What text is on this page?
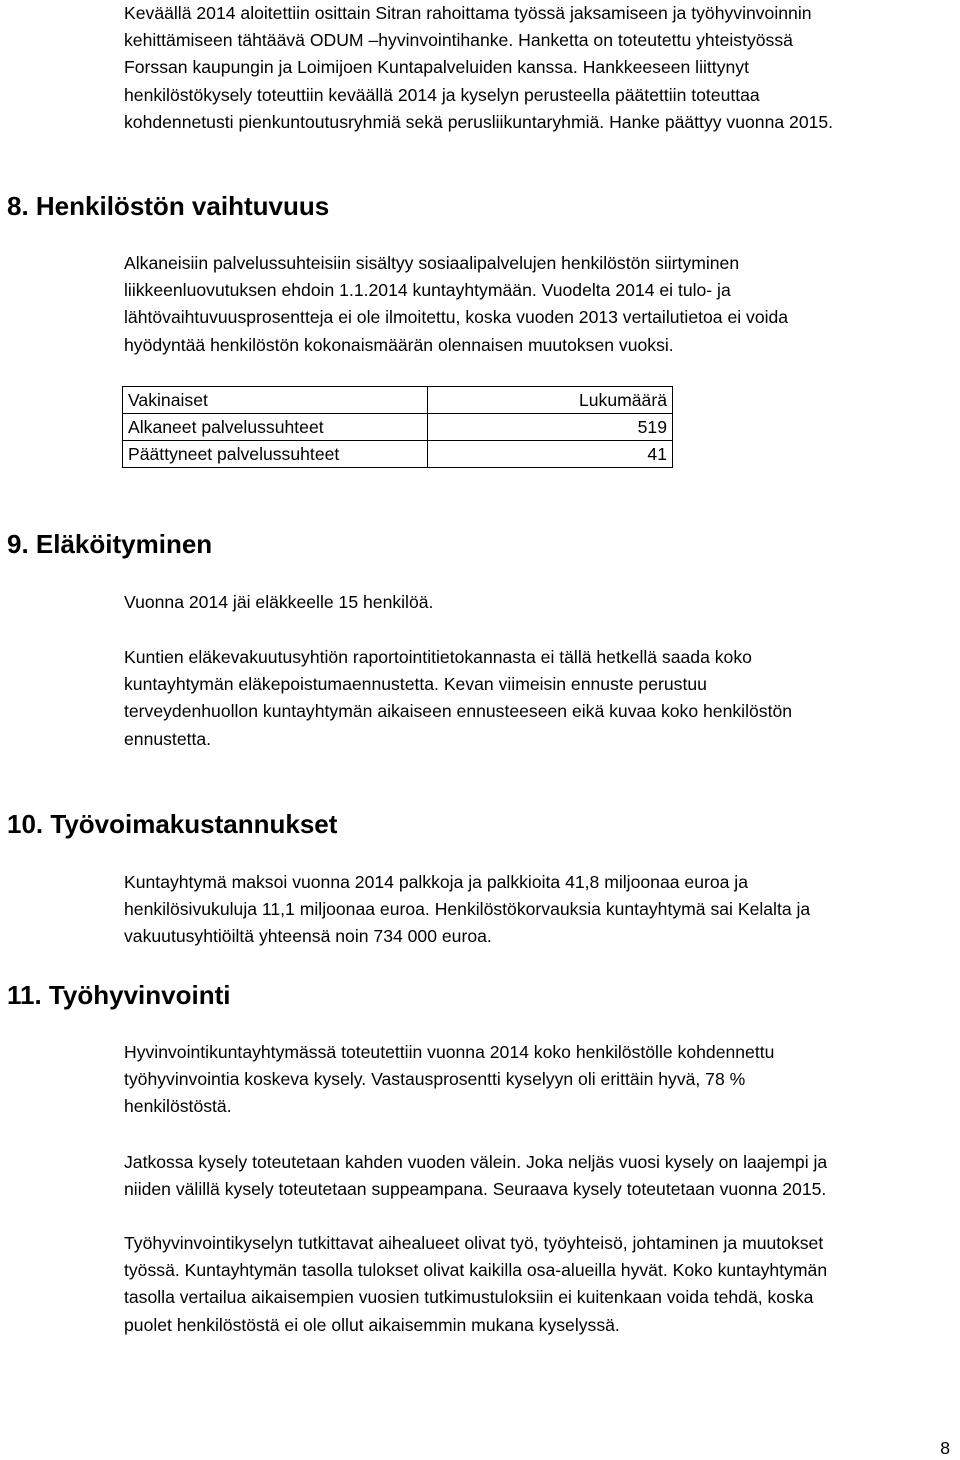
Keväällä 2014 aloitettiin osittain Sitran rahoittama työssä jaksamiseen ja työhyvinvoinnin
kehittämiseen tähtäävä ODUM –hyvinvointihanke. Hanketta on toteutettu yhteistyössä
Forssan kaupungin ja Loimijoen Kuntapalveluiden kanssa. Hankkeeseen liittynyt
henkilöstökysely toteuttiin keväällä 2014 ja kyselyn perusteella päätettiin toteuttaa
kohdennetusti pienkuntoutusryhmiä sekä perusliikuntaryhmiä. Hanke päättyy vuonna 2015.

8. Henkilöstön vaihtuvuus

Alkaneisiin palvelussuhteisiin sisältyy sosiaalipalvelujen henkilöstön siirtyminen
liikkeenluovutuksen ehdoin 1.1.2014 kuntayhtymään. Vuodelta 2014 ei tulo- ja
lähtövaihtuvuusprosentteja ei ole ilmoitettu, koska vuoden 2013 vertailutietoa ei voida
hyödyntää henkilöstön kokonaismäärän olennaisen muutoksen vuoksi.

Vakinaiset	Lukumäärä
Alkaneet palvelussuhteet	519
Päättyneet palvelussuhteet	41
9. Eläköityminen

Vuonna 2014 jäi eläkkeelle 15 henkilöä.

Kuntien eläkevakuutusyhtiön raportointitietokannasta ei tällä hetkellä saada koko
kuntayhtymän eläkepoistumaennustetta. Kevan viimeisin ennuste perustuu
terveydenhuollon kuntayhtymän aikaiseen ennusteeseen eikä kuvaa koko henkilöstön
ennustetta.

10. Työvoimakustannukset

Kuntayhtymä maksoi vuonna 2014 palkkoja ja palkkioita 41,8 miljoonaa euroa ja
henkilösivukuluja 11,1 miljoonaa euroa. Henkilöstökorvauksia kuntayhtymä sai Kelalta ja
vakuutusyhtiöiltä yhteensä noin 734 000 euroa.

11. Työhyvinvointi

Hyvinvointikuntayhtymässä toteutettiin vuonna 2014 koko henkilöstölle kohdennettu
työhyvinvointia koskeva kysely. Vastausprosentti kyselyyn oli erittäin hyvä, 78 %
henkilöstöstä.

Jatkossa kysely toteutetaan kahden vuoden välein. Joka neljäs vuosi kysely on laajempi ja
niiden välillä kysely toteutetaan suppeampana. Seuraava kysely toteutetaan vuonna 2015.

Työhyvinvointikyselyn tutkittavat aihealueet olivat työ, työyhteisö, johtaminen ja muutokset
työssä. Kuntayhtymän tasolla tulokset olivat kaikilla osa-alueilla hyvät. Koko kuntayhtymän
tasolla vertailua aikaisempien vuosien tutkimustuloksiin ei kuitenkaan voida tehdä, koska
puolet henkilöstöstä ei ole ollut aikaisemmin mukana kyselyssä.

8
